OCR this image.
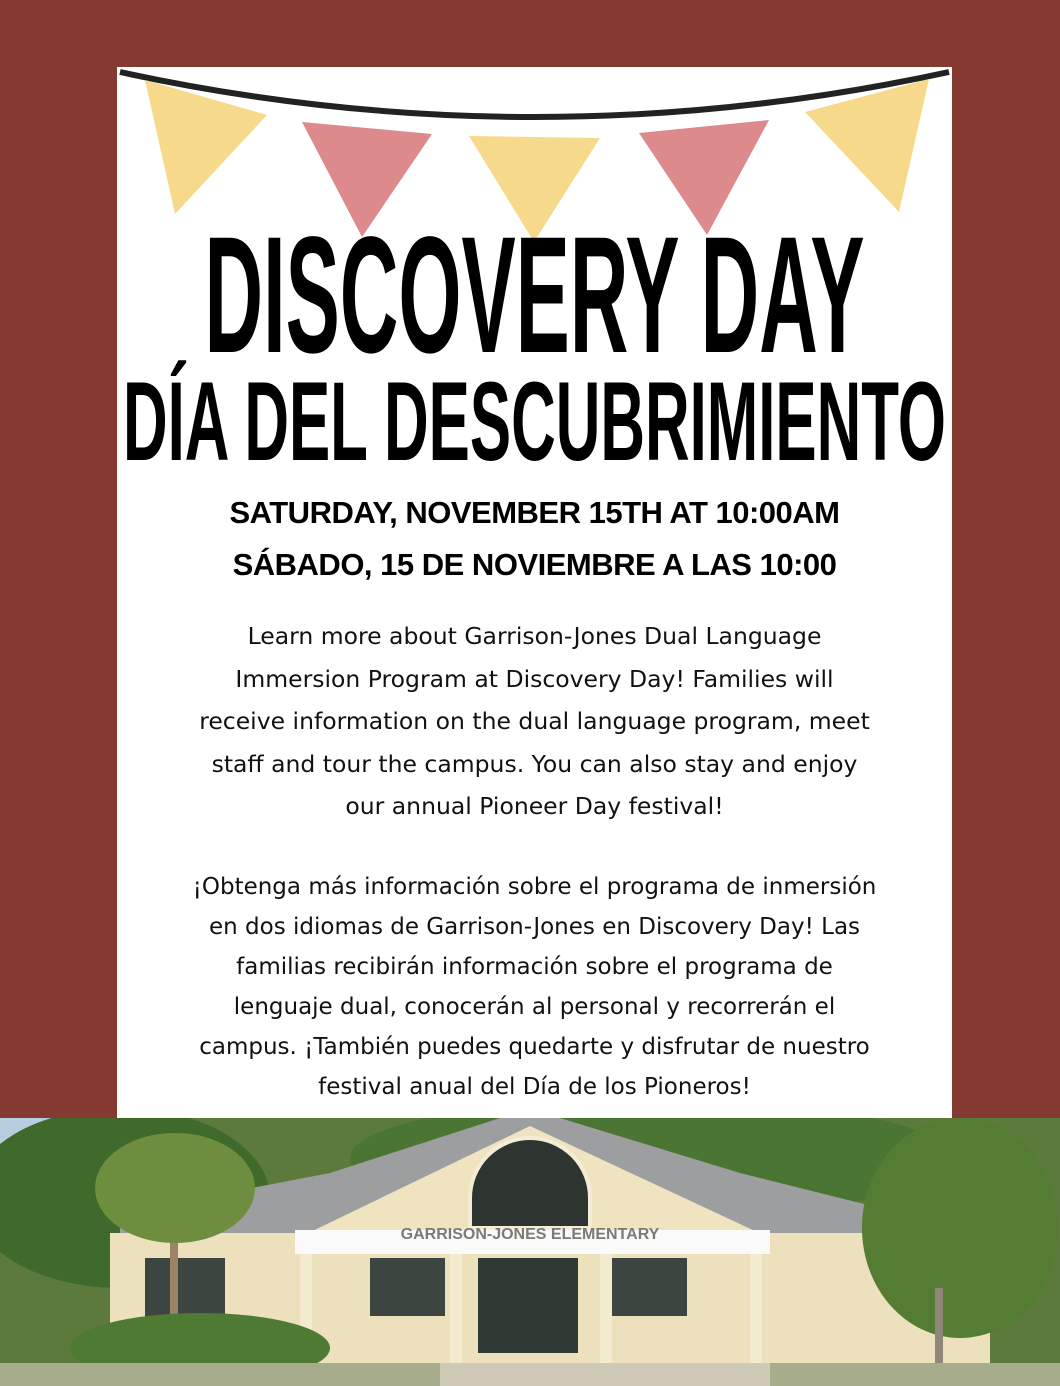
DISCOVERY DAY
DÍA DEL DESCUBRIMIENTO
SATURDAY, NOVEMBER 15TH AT 10:00AM
SÁBADO, 15 DE NOVIEMBRE A LAS 10:00
Learn more about Garrison-Jones Dual Language
Immersion Program at Discovery Day! Families will
receive information on the dual language program, meet
staff and tour the campus. You can also stay and enjoy
our annual Pioneer Day festival!
¡Obtenga más información sobre el programa de inmersión
en dos idiomas de Garrison-Jones en Discovery Day! Las
familias recibirán información sobre el programa de
lenguaje dual, conocerán al personal y recorrerán el
campus. ¡También puedes quedarte y disfrutar de nuestro
festival anual del Día de los Pioneros!
GARRISON-JONES ELEMENTARY
